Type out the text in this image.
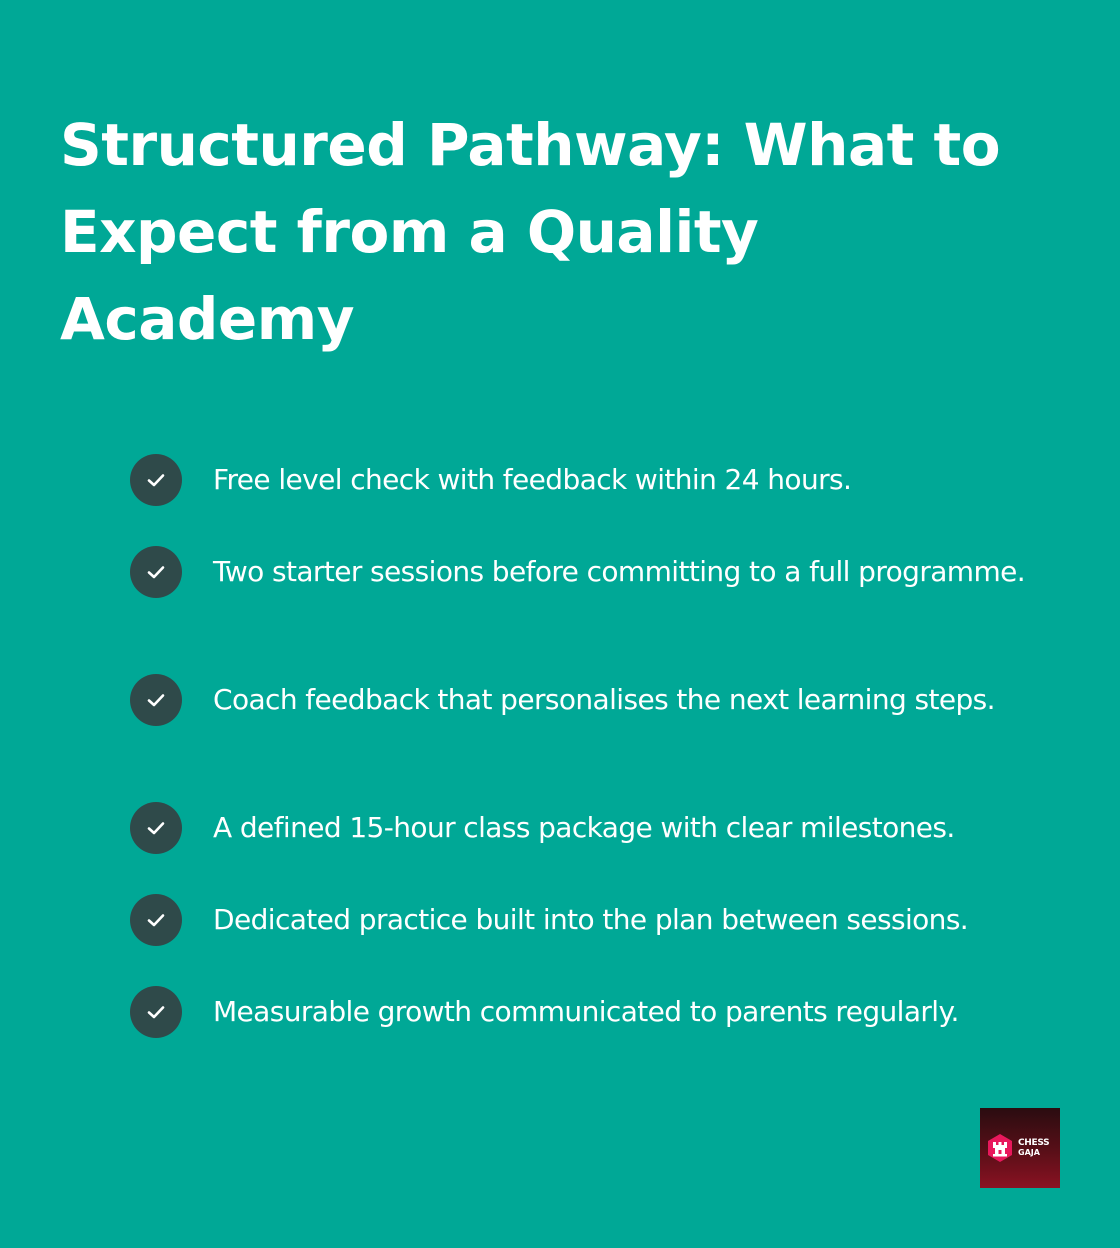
Structured Pathway: What to Expect from a Quality Academy
Free level check with feedback within 24 hours.
Two starter sessions before committing to a full programme.
Coach feedback that personalises the next learning steps.
A defined 15-hour class package with clear milestones.
Dedicated practice built into the plan between sessions.
Measurable growth communicated to parents regularly.
CHESS
GAJA
